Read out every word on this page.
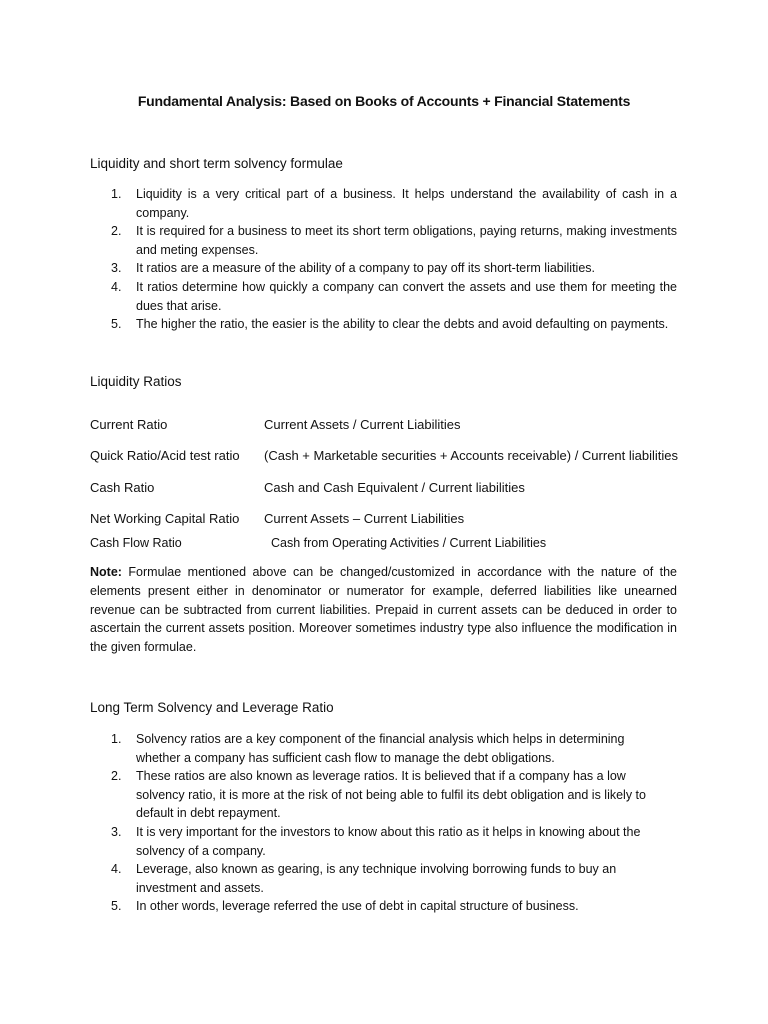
Fundamental Analysis: Based on Books of Accounts + Financial Statements
Liquidity and short term solvency formulae
1. Liquidity is a very critical part of a business. It helps understand the availability of cash in a company.
2. It is required for a business to meet its short term obligations, paying returns, making investments and meting expenses.
3. It ratios are a measure of the ability of a company to pay off its short-term liabilities.
4. It ratios determine how quickly a company can convert the assets and use them for meeting the dues that arise.
5. The higher the ratio, the easier is the ability to clear the debts and avoid defaulting on payments.
Liquidity Ratios
Current Ratio	Current Assets / Current Liabilities
Quick Ratio/Acid test ratio (Cash + Marketable securities + Accounts receivable) / Current liabilities
Cash Ratio	Cash and Cash Equivalent / Current liabilities
Net Working Capital Ratio Current Assets – Current Liabilities
Cash Flow Ratio	Cash from Operating Activities / Current Liabilities
Note: Formulae mentioned above can be changed/customized in accordance with the nature of the elements present either in denominator or numerator for example, deferred liabilities like unearned revenue can be subtracted from current liabilities. Prepaid in current assets can be deduced in order to ascertain the current assets position. Moreover sometimes industry type also influence the modification in the given formulae.
Long Term Solvency and Leverage Ratio
1. Solvency ratios are a key component of the financial analysis which helps in determining whether a company has sufficient cash flow to manage the debt obligations.
2. These ratios are also known as leverage ratios. It is believed that if a company has a low solvency ratio, it is more at the risk of not being able to fulfil its debt obligation and is likely to default in debt repayment.
3. It is very important for the investors to know about this ratio as it helps in knowing about the solvency of a company.
4. Leverage, also known as gearing, is any technique involving borrowing funds to buy an investment and assets.
5. In other words, leverage referred the use of debt in capital structure of business.
